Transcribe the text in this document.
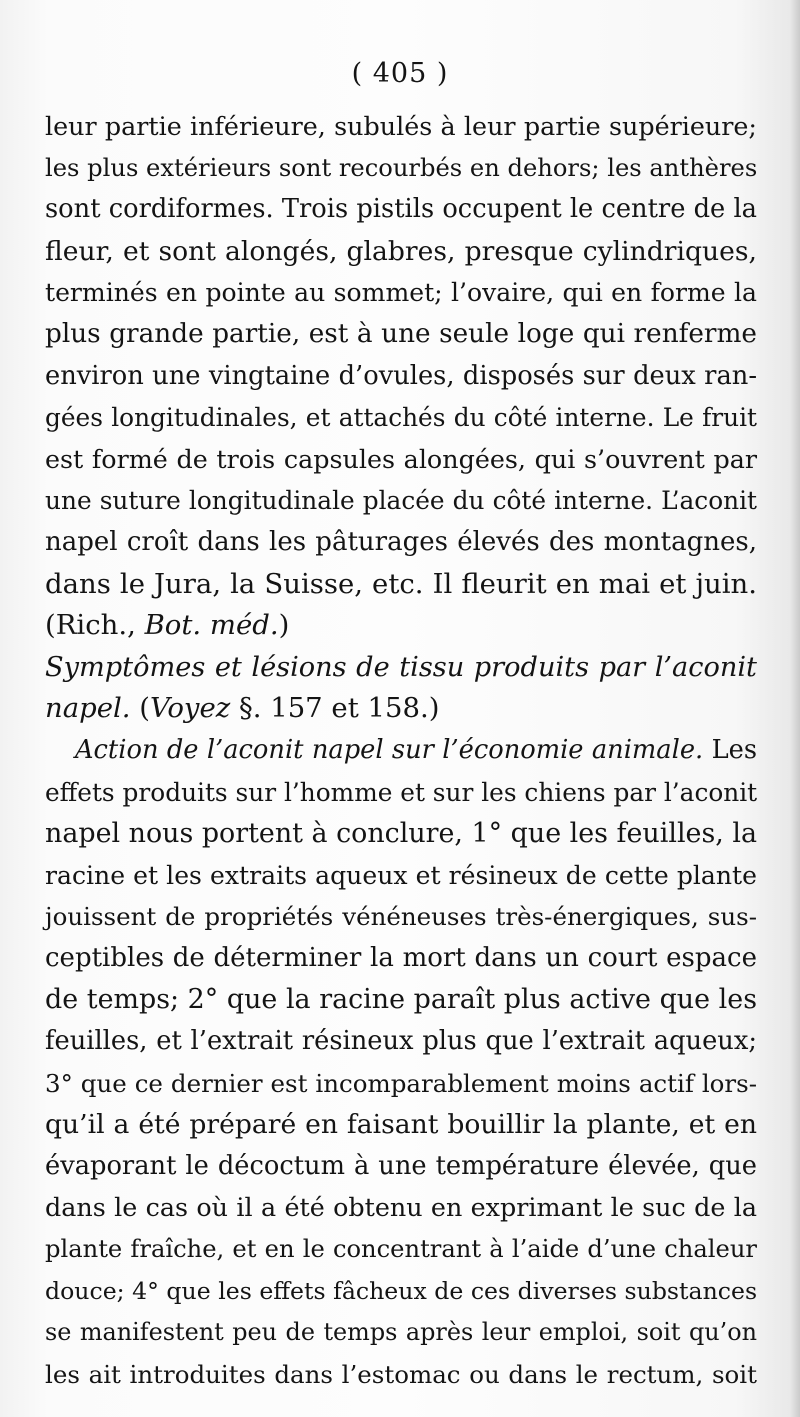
( 405 )
leur partie inférieure, subulés à leur partie supérieure;
les plus extérieurs sont recourbés en dehors; les anthères
sont cordiformes. Trois pistils occupent le centre de la
fleur, et sont alongés, glabres, presque cylindriques,
terminés en pointe au sommet; l’ovaire, qui en forme la
plus grande partie, est à une seule loge qui renferme
environ une vingtaine d’ovules, disposés sur deux ran-
gées longitudinales, et attachés du côté interne. Le fruit
est formé de trois capsules alongées, qui s’ouvrent par
une suture longitudinale placée du côté interne. L’aconit
napel croît dans les pâturages élevés des montagnes,
dans le Jura, la Suisse, etc. Il fleurit en mai et juin.
(Rich., Bot. méd.)
Symptômes et lésions de tissu produits par l’aconit
napel. (Voyez §. 157 et 158.)
Action de l’aconit napel sur l’économie animale. Les
effets produits sur l’homme et sur les chiens par l’aconit
napel nous portent à conclure, 1° que les feuilles, la
racine et les extraits aqueux et résineux de cette plante
jouissent de propriétés vénéneuses très-énergiques, sus-
ceptibles de déterminer la mort dans un court espace
de temps; 2° que la racine paraît plus active que les
feuilles, et l’extrait résineux plus que l’extrait aqueux;
3° que ce dernier est incomparablement moins actif lors-
qu’il a été préparé en faisant bouillir la plante, et en
évaporant le décoctum à une température élevée, que
dans le cas où il a été obtenu en exprimant le suc de la
plante fraîche, et en le concentrant à l’aide d’une chaleur
douce; 4° que les effets fâcheux de ces diverses substances
se manifestent peu de temps après leur emploi, soit qu’on
les ait introduites dans l’estomac ou dans le rectum, soit
